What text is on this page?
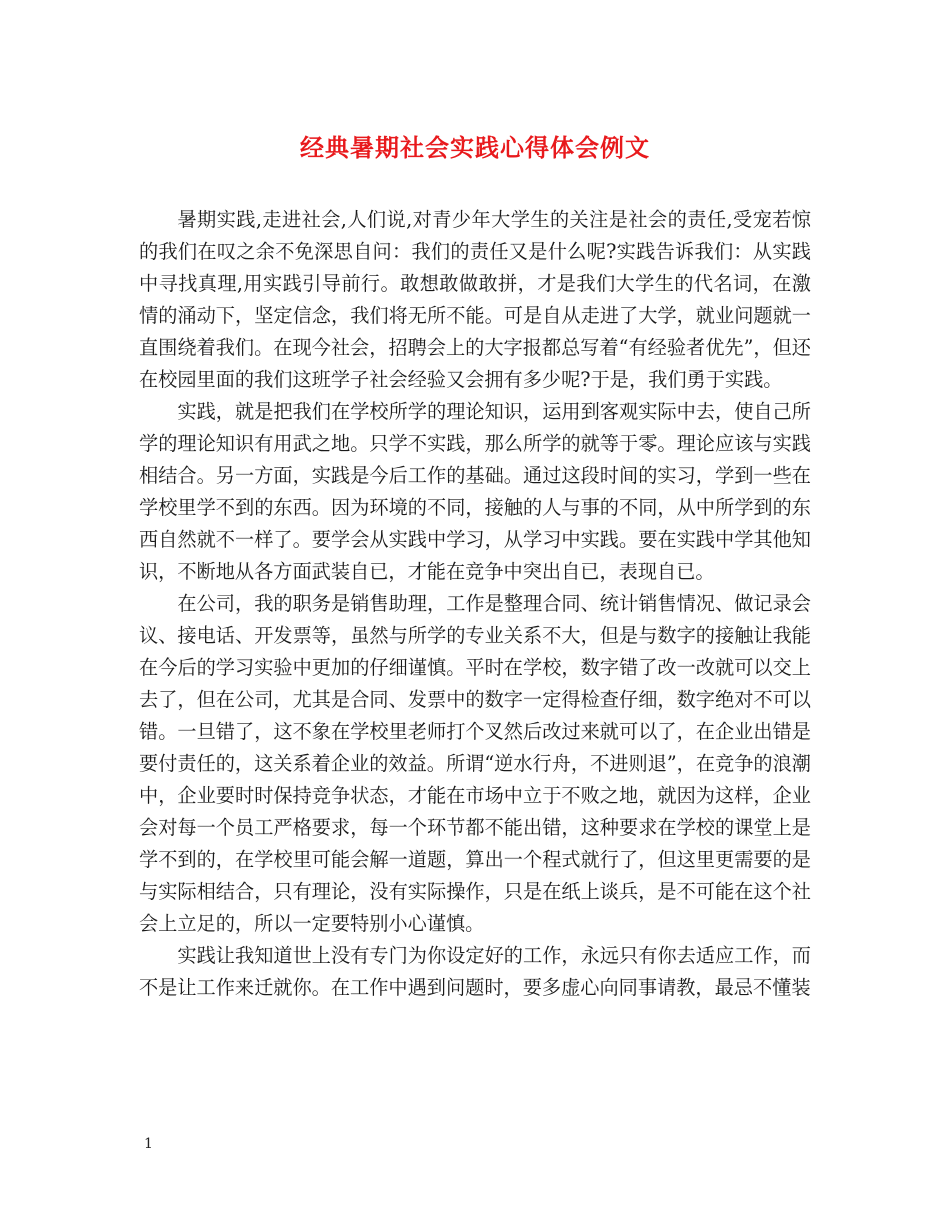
经典暑期社会实践心得体会例文

暑期实践,走进社会,人们说,对青少年大学生的关注是社会的责任,受宠若惊的我们在叹之余不免深思自问：我们的责任又是什么呢?实践告诉我们：从实践中寻找真理,用实践引导前行。敢想敢做敢拼，才是我们大学生的代名词，在激情的涌动下，坚定信念，我们将无所不能。可是自从走进了大学，就业问题就一直围绕着我们。在现今社会，招聘会上的大字报都总写着“有经验者优先”，但还在校园里面的我们这班学子社会经验又会拥有多少呢?于是，我们勇于实践。

实践，就是把我们在学校所学的理论知识，运用到客观实际中去，使自己所学的理论知识有用武之地。只学不实践，那么所学的就等于零。理论应该与实践相结合。另一方面，实践是今后工作的基础。通过这段时间的实习，学到一些在学校里学不到的东西。因为环境的不同，接触的人与事的不同，从中所学到的东西自然就不一样了。要学会从实践中学习，从学习中实践。要在实践中学其他知识，不断地从各方面武装自已，才能在竞争中突出自已，表现自已。

在公司，我的职务是销售助理，工作是整理合同、统计销售情况、做记录会议、接电话、开发票等，虽然与所学的专业关系不大，但是与数字的接触让我能在今后的学习实验中更加的仔细谨慎。平时在学校，数字错了改一改就可以交上去了，但在公司，尤其是合同、发票中的数字一定得检查仔细，数字绝对不可以错。一旦错了，这不象在学校里老师打个叉然后改过来就可以了，在企业出错是要付责任的，这关系着企业的效益。所谓“逆水行舟，不进则退”，在竞争的浪潮中，企业要时时保持竞争状态，才能在市场中立于不败之地，就因为这样，企业会对每一个员工严格要求，每一个环节都不能出错，这种要求在学校的课堂上是学不到的，在学校里可能会解一道题，算出一个程式就行了，但这里更需要的是与实际相结合，只有理论，没有实际操作，只是在纸上谈兵，是不可能在这个社会上立足的，所以一定要特别小心谨慎。

实践让我知道世上没有专门为你设定好的工作，永远只有你去适应工作，而不是让工作来迁就你。在工作中遇到问题时，要多虚心向同事请教，最忌不懂装

1
